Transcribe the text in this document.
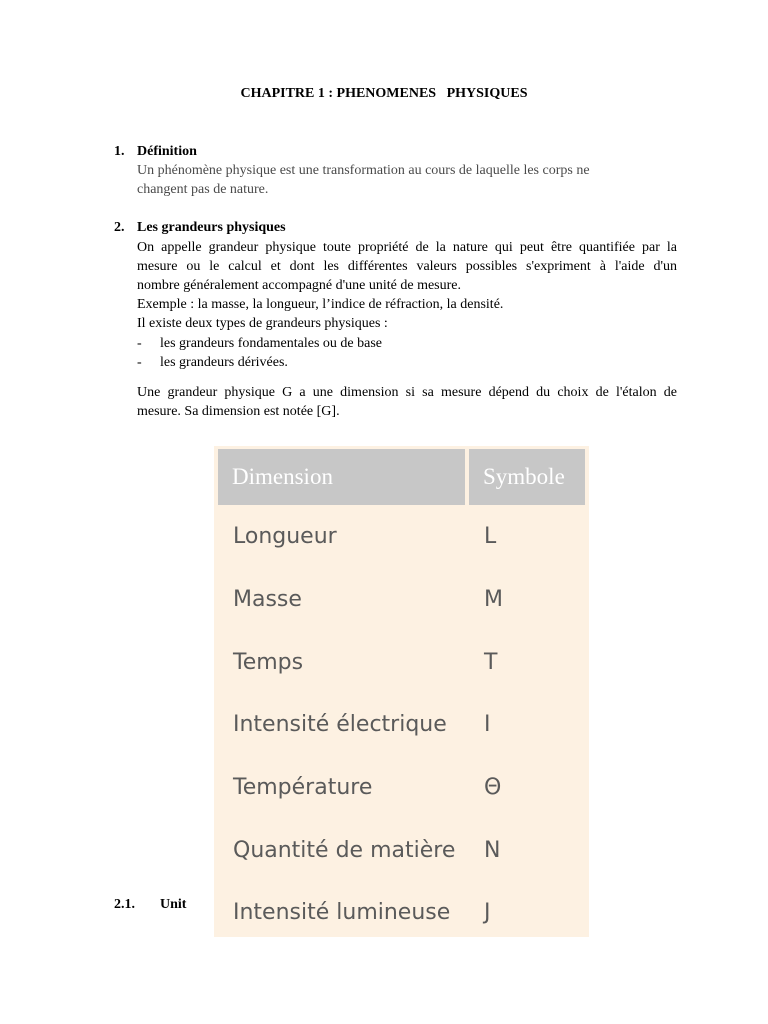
CHAPITRE 1 : PHENOMENES   PHYSIQUES
1. Définition
Un phénomène physique est une transformation au cours de laquelle les corps ne
changent pas de nature.
2. Les grandeurs physiques
On appelle grandeur physique toute propriété de la nature qui peut être quantifiée par la
mesure ou le calcul et dont les différentes valeurs possibles s'expriment à l'aide d'un
nombre généralement accompagné d'une unité de mesure.
Exemple : la masse, la longueur, l’indice de réfraction, la densité.
Il existe deux types de grandeurs physiques :
- les grandeurs fondamentales ou de base
- les grandeurs dérivées.
Une grandeur physique G a une dimension si sa mesure dépend du choix de l'étalon de
mesure. Sa dimension est notée [G].
Dimension	Symbole
Longueur	L
Masse	M
Temps	T
Intensité électrique I
Température	Θ
Quantité de matière N
Intensité lumineuse J
2.1. Unit
